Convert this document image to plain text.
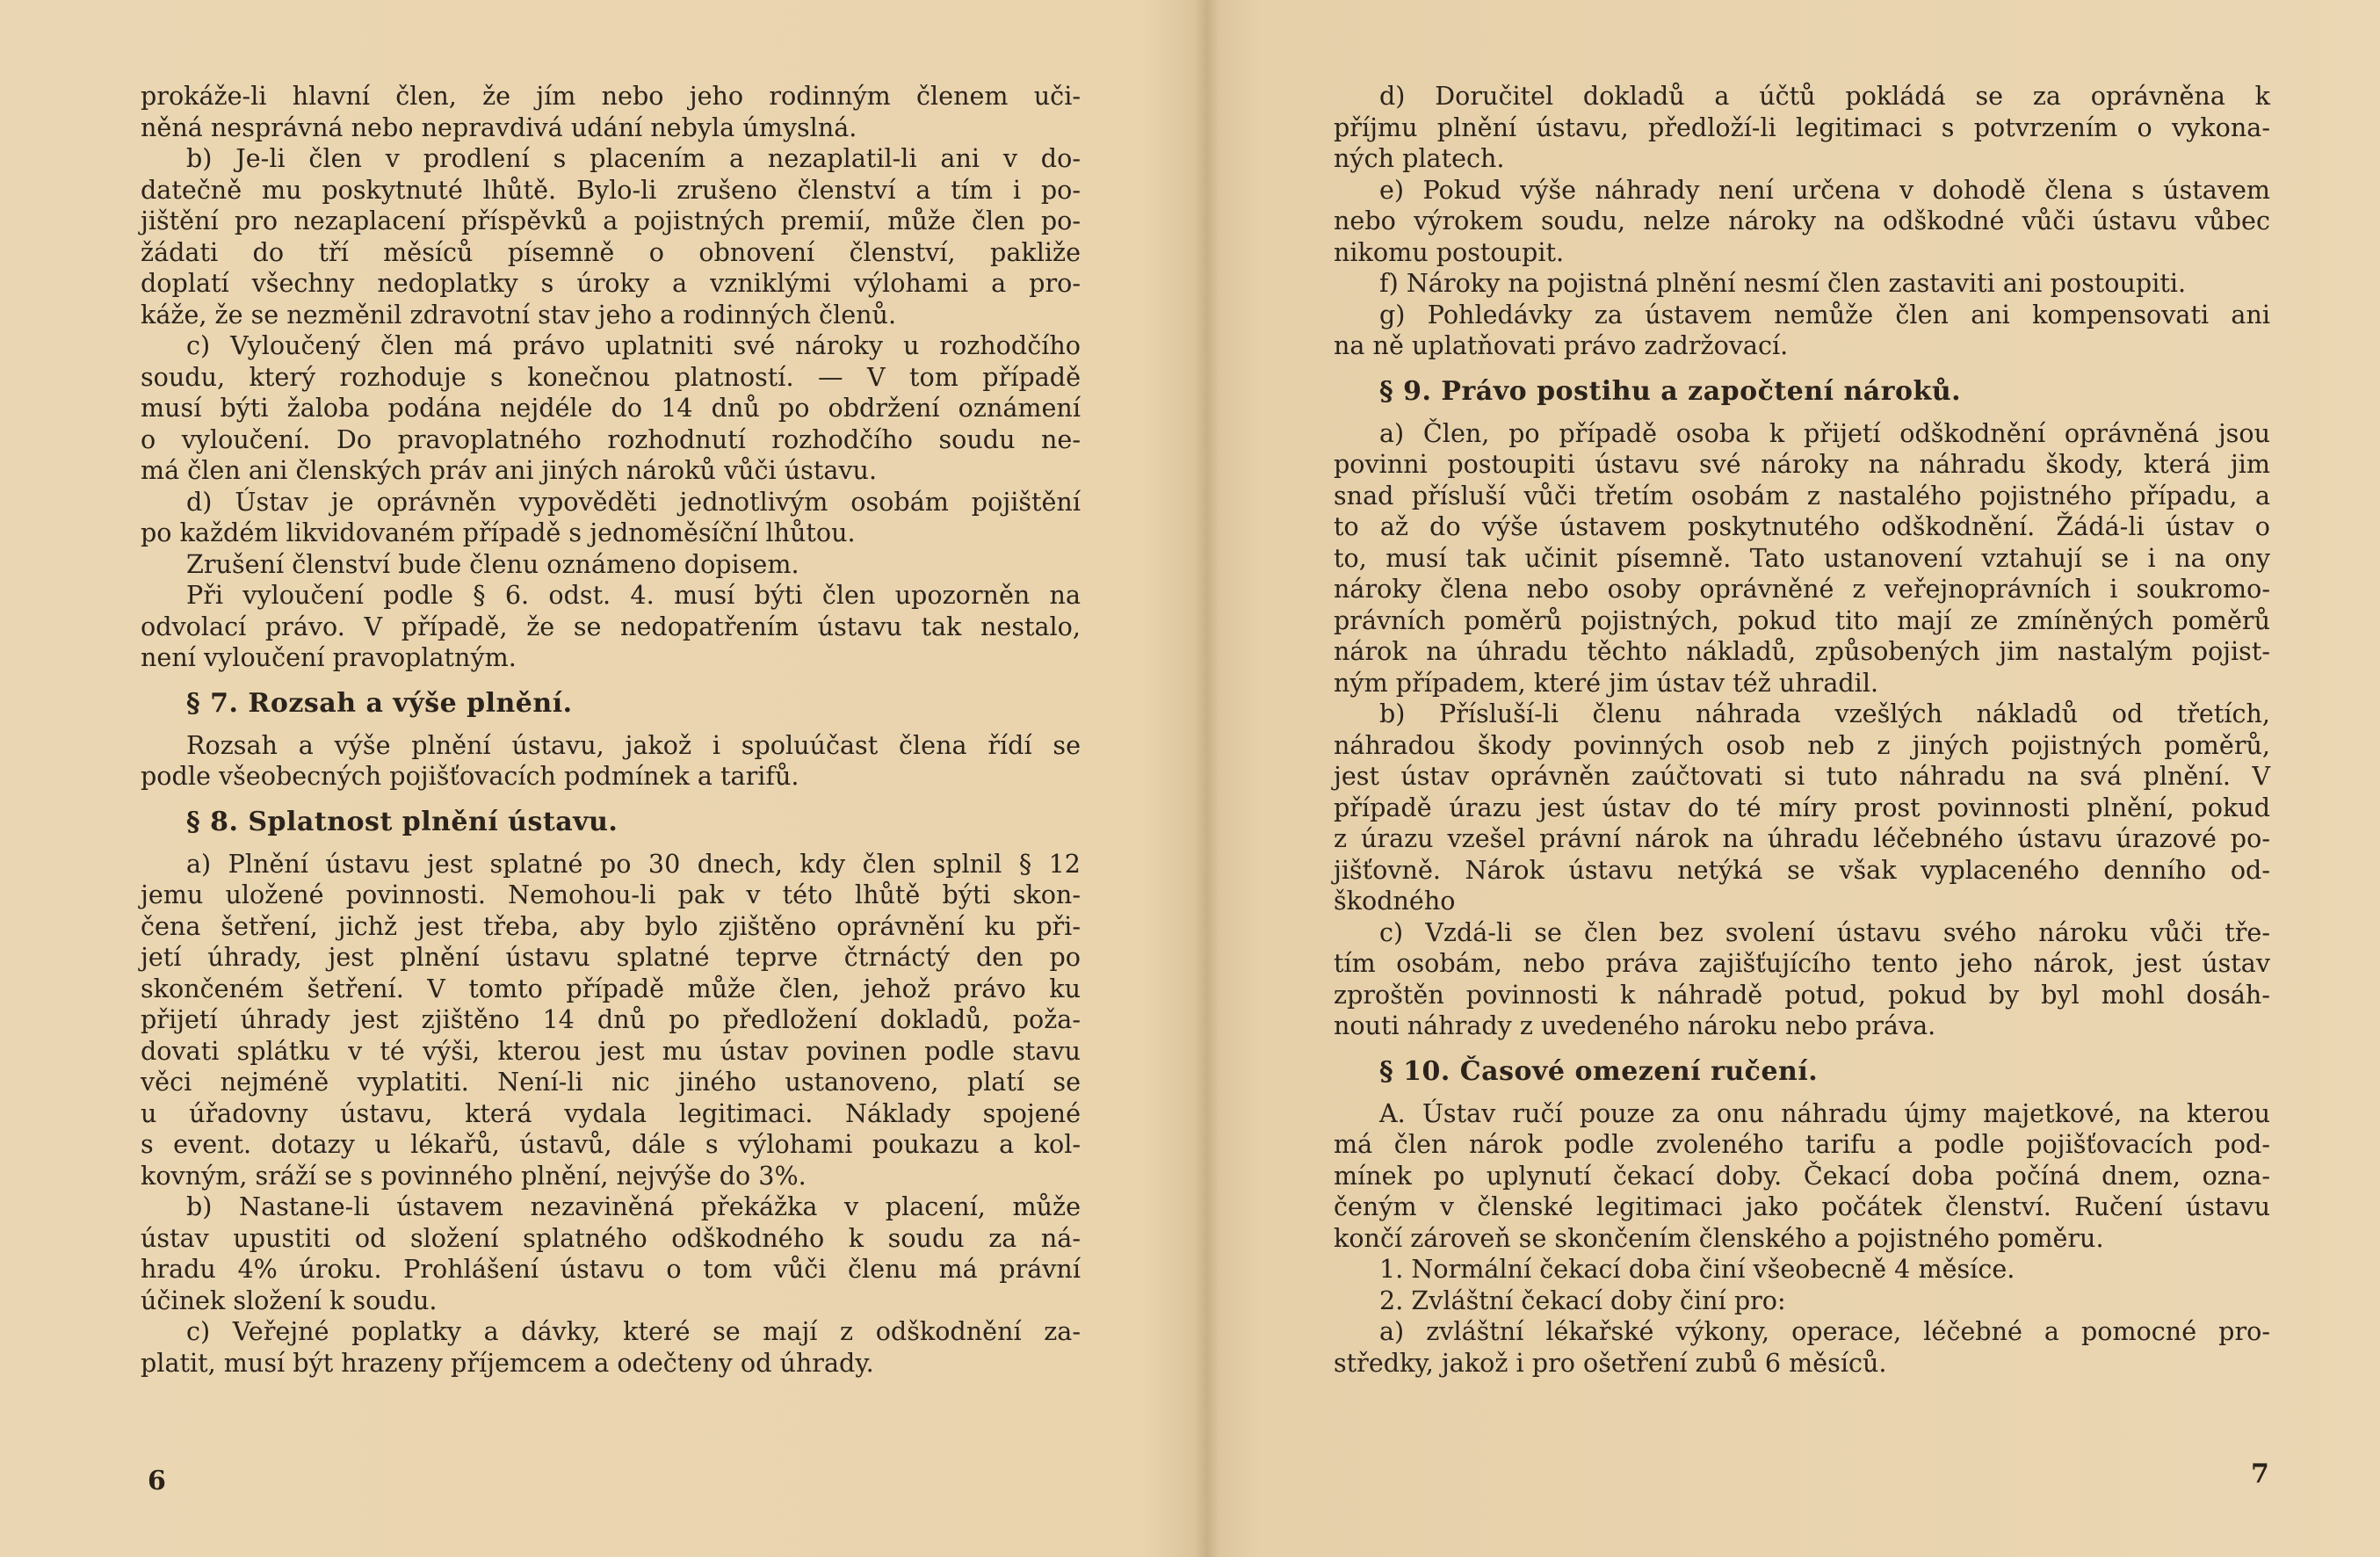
prokáže-li hlavní člen, že jím nebo jeho rodinným členem uči-
něná nesprávná nebo nepravdivá udání nebyla úmyslná.
b) Je-li člen v prodlení s placením a nezaplatil-li ani v do-
datečně mu poskytnuté lhůtě. Bylo-li zrušeno členství a tím i po-
jištění pro nezaplacení příspěvků a pojistných premií, může člen po-
žádati do tří měsíců písemně o obnovení členství, pakliže
doplatí všechny nedoplatky s úroky a vzniklými výlohami a pro-
káže, že se nezměnil zdravotní stav jeho a rodinných členů.
c) Vyloučený člen má právo uplatniti své nároky u rozhodčího
soudu, který rozhoduje s konečnou platností. — V tom případě
musí býti žaloba podána nejdéle do 14 dnů po obdržení oznámení
o vyloučení. Do pravoplatného rozhodnutí rozhodčího soudu ne-
má člen ani členských práv ani jiných nároků vůči ústavu.
d) Ústav je oprávněn vypověděti jednotlivým osobám pojištění
po každém likvidovaném případě s jednoměsíční lhůtou.
Zrušení členství bude členu oznámeno dopisem.
Při vyloučení podle § 6. odst. 4. musí býti člen upozorněn na
odvolací právo. V případě, že se nedopatřením ústavu tak nestalo,
není vyloučení pravoplatným.
§ 7. Rozsah a výše plnění.
Rozsah a výše plnění ústavu, jakož i spoluúčast člena řídí se
podle všeobecných pojišťovacích podmínek a tarifů.
§ 8. Splatnost plnění ústavu.
a) Plnění ústavu jest splatné po 30 dnech, kdy člen splnil § 12
jemu uložené povinnosti. Nemohou-li pak v této lhůtě býti skon-
čena šetření, jichž jest třeba, aby bylo zjištěno oprávnění ku při-
jetí úhrady, jest plnění ústavu splatné teprve čtrnáctý den po
skončeném šetření. V tomto případě může člen, jehož právo ku
přijetí úhrady jest zjištěno 14 dnů po předložení dokladů, poža-
dovati splátku v té výši, kterou jest mu ústav povinen podle stavu
věci nejméně vyplatiti. Není-li nic jiného ustanoveno, platí se
u úřadovny ústavu, která vydala legitimaci. Náklady spojené
s event. dotazy u lékařů, ústavů, dále s výlohami poukazu a kol-
kovným, sráží se s povinného plnění, nejvýše do 3%.
b) Nastane-li ústavem nezaviněná překážka v placení, může
ústav upustiti od složení splatného odškodného k soudu za ná-
hradu 4% úroku. Prohlášení ústavu o tom vůči členu má právní
účinek složení k soudu.
c) Veřejné poplatky a dávky, které se mají z odškodnění za-
platit, musí být hrazeny příjemcem a odečteny od úhrady.
d) Doručitel dokladů a účtů pokládá se za oprávněna k
příjmu plnění ústavu, předloží-li legitimaci s potvrzením o vykona-
ných platech.
e) Pokud výše náhrady není určena v dohodě člena s ústavem
nebo výrokem soudu, nelze nároky na odškodné vůči ústavu vůbec
nikomu postoupit.
f) Nároky na pojistná plnění nesmí člen zastaviti ani postoupiti.
g) Pohledávky za ústavem nemůže člen ani kompensovati ani
na ně uplatňovati právo zadržovací.
§ 9. Právo postihu a započtení nároků.
a) Člen, po případě osoba k přijetí odškodnění oprávněná jsou
povinni postoupiti ústavu své nároky na náhradu škody, která jim
snad přísluší vůči třetím osobám z nastalého pojistného případu, a
to až do výše ústavem poskytnutého odškodnění. Žádá-li ústav o
to, musí tak učinit písemně. Tato ustanovení vztahují se i na ony
nároky člena nebo osoby oprávněné z veřejnoprávních i soukromo-
právních poměrů pojistných, pokud tito mají ze zmíněných poměrů
nárok na úhradu těchto nákladů, způsobených jim nastalým pojist-
ným případem, které jim ústav též uhradil.
b) Přísluší-li členu náhrada vzešlých nákladů od třetích,
náhradou škody povinných osob neb z jiných pojistných poměrů,
jest ústav oprávněn zaúčtovati si tuto náhradu na svá plnění. V
případě úrazu jest ústav do té míry prost povinnosti plnění, pokud
z úrazu vzešel právní nárok na úhradu léčebného ústavu úrazové po-
jišťovně. Nárok ústavu netýká se však vyplaceného denního od-
škodného
c) Vzdá-li se člen bez svolení ústavu svého nároku vůči tře-
tím osobám, nebo práva zajišťujícího tento jeho nárok, jest ústav
zproštěn povinnosti k náhradě potud, pokud by byl mohl dosáh-
nouti náhrady z uvedeného nároku nebo práva.
§ 10. Časové omezení ručení.
A. Ústav ručí pouze za onu náhradu újmy majetkové, na kterou
má člen nárok podle zvoleného tarifu a podle pojišťovacích pod-
mínek po uplynutí čekací doby. Čekací doba počíná dnem, ozna-
čeným v členské legitimaci jako počátek členství. Ručení ústavu
končí zároveň se skončením členského a pojistného poměru.
1. Normální čekací doba činí všeobecně 4 měsíce.
2. Zvláštní čekací doby činí pro:
a) zvláštní lékařské výkony, operace, léčebné a pomocné pro-
středky, jakož i pro ošetření zubů 6 měsíců.
6	7
